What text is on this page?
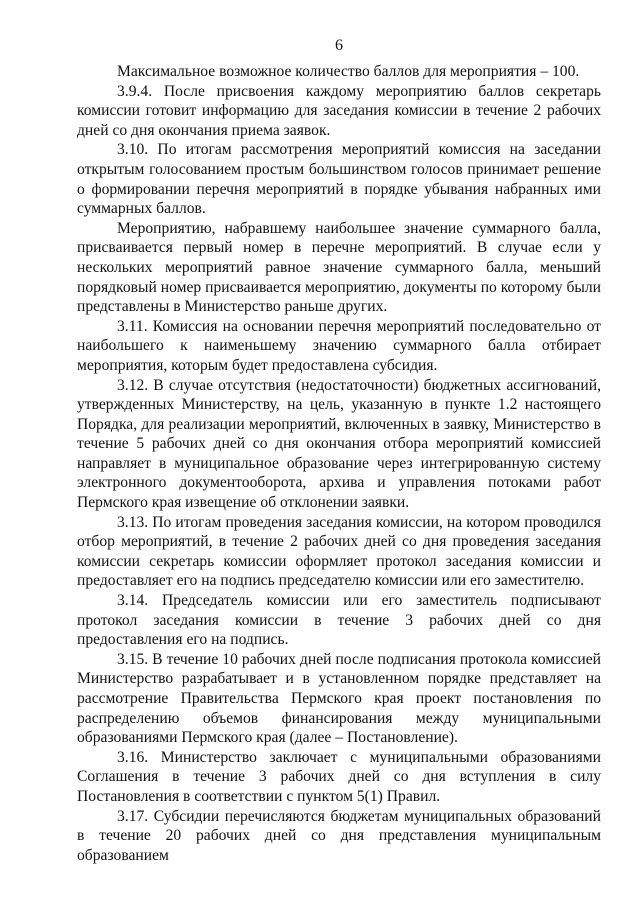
6

Максимальное возможное количество баллов для мероприятия – 100.

3.9.4. После присвоения каждому мероприятию баллов секретарь комиссии готовит информацию для заседания комиссии в течение 2 рабочих дней со дня окончания приема заявок.

3.10. По итогам рассмотрения мероприятий комиссия на заседании открытым голосованием простым большинством голосов принимает решение о формировании перечня мероприятий в порядке убывания набранных ими суммарных баллов.

Мероприятию, набравшему наибольшее значение суммарного балла, присваивается первый номер в перечне мероприятий. В случае если у нескольких мероприятий равное значение суммарного балла, меньший порядковый номер присваивается мероприятию, документы по которому были представлены в Министерство раньше других.

3.11. Комиссия на основании перечня мероприятий последовательно от наибольшего к наименьшему значению суммарного балла отбирает мероприятия, которым будет предоставлена субсидия.

3.12. В случае отсутствия (недостаточности) бюджетных ассигнований, утвержденных Министерству, на цель, указанную в пункте 1.2 настоящего Порядка, для реализации мероприятий, включенных в заявку, Министерство в течение 5 рабочих дней со дня окончания отбора мероприятий комиссией направляет в муниципальное образование через интегрированную систему электронного документооборота, архива и управления потоками работ Пермского края извещение об отклонении заявки.

3.13. По итогам проведения заседания комиссии, на котором проводился отбор мероприятий, в течение 2 рабочих дней со дня проведения заседания комиссии секретарь комиссии оформляет протокол заседания комиссии и предоставляет его на подпись председателю комиссии или его заместителю.

3.14. Председатель комиссии или его заместитель подписывают протокол заседания комиссии в течение 3 рабочих дней со дня предоставления его на подпись.

3.15. В течение 10 рабочих дней после подписания протокола комиссией Министерство разрабатывает и в установленном порядке представляет на рассмотрение Правительства Пермского края проект постановления по распределению объемов финансирования между муниципальными образованиями Пермского края (далее – Постановление).

3.16. Министерство заключает с муниципальными образованиями Соглашения в течение 3 рабочих дней со дня вступления в силу Постановления в соответствии с пунктом 5(1) Правил.

3.17. Субсидии перечисляются бюджетам муниципальных образований в течение 20 рабочих дней со дня представления муниципальным образованием
